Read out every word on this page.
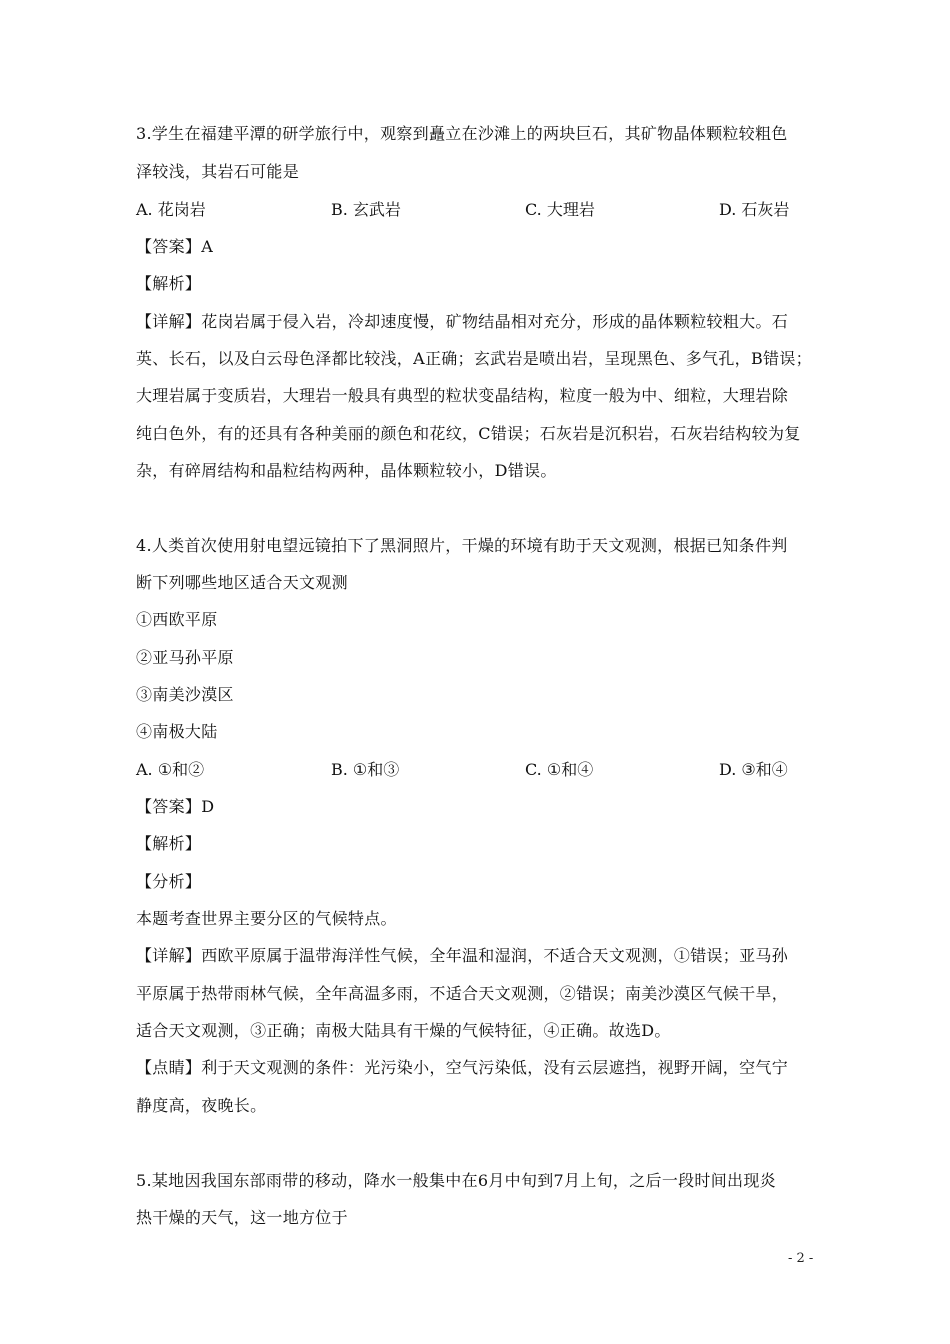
3.学生在福建平潭的研学旅行中，观察到矗立在沙滩上的两块巨石，其矿物晶体颗粒较粗色
泽较浅，其岩石可能是
A. 花岗岩	B. 玄武岩	C. 大理岩	D. 石灰岩
【答案】A
【解析】
【详解】花岗岩属于侵入岩，冷却速度慢，矿物结晶相对充分，形成的晶体颗粒较粗大。石
英、长石，以及白云母色泽都比较浅，A正确；玄武岩是喷出岩，呈现黑色、多气孔，B错误；
大理岩属于变质岩，大理岩一般具有典型的粒状变晶结构，粒度一般为中、细粒，大理岩除
纯白色外，有的还具有各种美丽的颜色和花纹，C错误；石灰岩是沉积岩，石灰岩结构较为复
杂，有碎屑结构和晶粒结构两种，晶体颗粒较小，D错误。
4.人类首次使用射电望远镜拍下了黑洞照片，干燥的环境有助于天文观测，根据已知条件判
断下列哪些地区适合天文观测
①西欧平原
②亚马孙平原
③南美沙漠区
④南极大陆
A. ①和②	B. ①和③	C. ①和④	D. ③和④
【答案】D
【解析】
【分析】
本题考查世界主要分区的气候特点。
【详解】西欧平原属于温带海洋性气候，全年温和湿润，不适合天文观测，①错误；亚马孙
平原属于热带雨林气候，全年高温多雨，不适合天文观测，②错误；南美沙漠区气候干旱，
适合天文观测，③正确；南极大陆具有干燥的气候特征，④正确。故选D。
【点睛】利于天文观测的条件：光污染小，空气污染低，没有云层遮挡，视野开阔，空气宁
静度高，夜晚长。
5.某地因我国东部雨带的移动，降水一般集中在6月中旬到7月上旬，之后一段时间出现炎
热干燥的天气，这一地方位于
- 2 -
